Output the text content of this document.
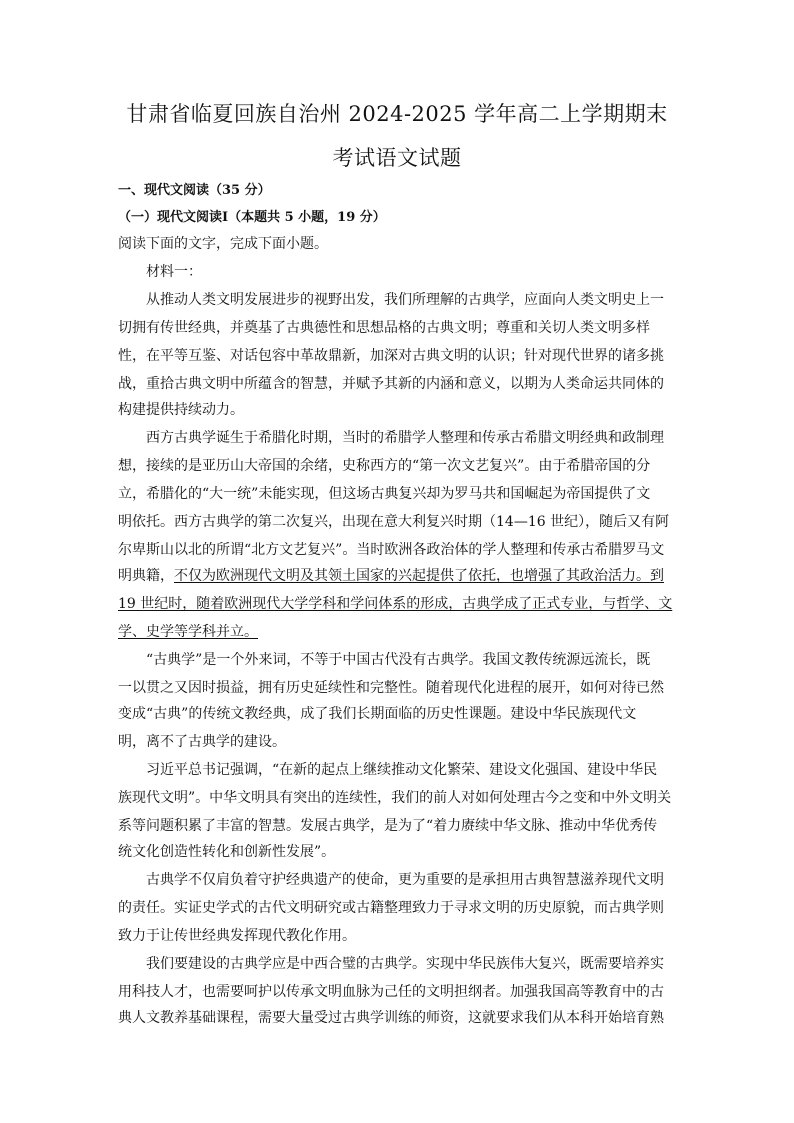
甘肃省临夏回族自治州 2024-2025 学年高二上学期期末
考试语文试题
一、现代文阅读（35 分）
（一）现代文阅读Ⅰ（本题共 5 小题，19 分）
阅读下面的文字，完成下面小题。
材料一：
从推动人类文明发展进步的视野出发，我们所理解的古典学，应面向人类文明史上一
切拥有传世经典，并奠基了古典德性和思想品格的古典文明；尊重和关切人类文明多样
性，在平等互鉴、对话包容中革故鼎新，加深对古典文明的认识；针对现代世界的诸多挑
战，重拾古典文明中所蕴含的智慧，并赋予其新的内涵和意义，以期为人类命运共同体的
构建提供持续动力。
西方古典学诞生于希腊化时期，当时的希腊学人整理和传承古希腊文明经典和政制理
想，接续的是亚历山大帝国的余绪，史称西方的“第一次文艺复兴”。由于希腊帝国的分
立，希腊化的“大一统”未能实现，但这场古典复兴却为罗马共和国崛起为帝国提供了文
明依托。西方古典学的第二次复兴，出现在意大利复兴时期（14—16 世纪），随后又有阿
尔卑斯山以北的所谓“北方文艺复兴”。当时欧洲各政治体的学人整理和传承古希腊罗马文
明典籍，不仅为欧洲现代文明及其领土国家的兴起提供了依托，也增强了其政治活力。到
19 世纪时，随着欧洲现代大学学科和学问体系的形成，古典学成了正式专业，与哲学、文
学、史学等学科并立。
“古典学”是一个外来词，不等于中国古代没有古典学。我国文教传统源远流长，既
一以贯之又因时损益，拥有历史延续性和完整性。随着现代化进程的展开，如何对待已然
变成“古典”的传统文教经典，成了我们长期面临的历史性课题。建设中华民族现代文
明，离不了古典学的建设。
习近平总书记强调，“在新的起点上继续推动文化繁荣、建设文化强国、建设中华民
族现代文明”。中华文明具有突出的连续性，我们的前人对如何处理古今之变和中外文明关
系等问题积累了丰富的智慧。发展古典学，是为了“着力赓续中华文脉、推动中华优秀传
统文化创造性转化和创新性发展”。
古典学不仅肩负着守护经典遗产的使命，更为重要的是承担用古典智慧滋养现代文明
的责任。实证史学式的古代文明研究或古籍整理致力于寻求文明的历史原貌，而古典学则
致力于让传世经典发挥现代教化作用。
我们要建设的古典学应是中西合璧的古典学。实现中华民族伟大复兴，既需要培养实
用科技人才，也需要呵护以传承文明血脉为己任的文明担纲者。加强我国高等教育中的古
典人文教养基础课程，需要大量受过古典学训练的师资，这就要求我们从本科开始培育熟
